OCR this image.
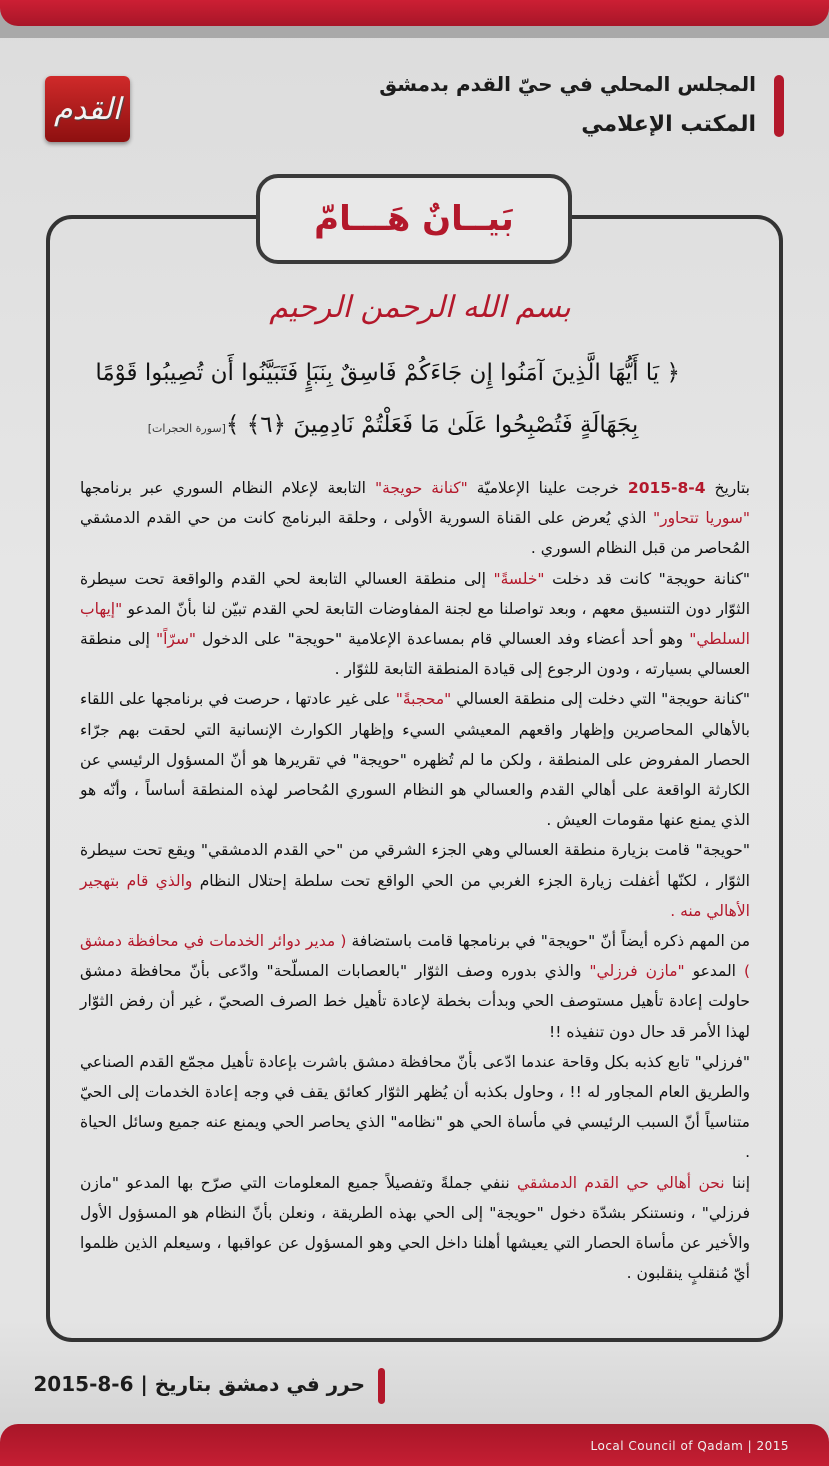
المجلس المحلي في حيّ القدم بدمشق
المكتب الإعلامي
القدم
بَيــانٌ هَـــامّ
بسم الله الرحمن الرحيم
﴿ يَا أَيُّهَا الَّذِينَ آمَنُوا إِن جَاءَكُمْ فَاسِقٌ بِنَبَإٍ فَتَبَيَّنُوا أَن تُصِيبُوا قَوْمًا
بِجَهَالَةٍ فَتُصْبِحُوا عَلَىٰ مَا فَعَلْتُمْ نَادِمِينَ ﴿٦﴾ ﴾[سورة الحجرات]

بتاريخ 4-8-2015 خرجت علينا الإعلاميّة "كنانة حويجة" التابعة لإعلام النظام السوري عبر برنامجها "سوريا تتحاور" الذي يُعرض على القناة السورية الأولى ، وحلقة البرنامج كانت من حي القدم الدمشقي المُحاصر من قبل النظام السوري .

"كنانة حويجة" كانت قد دخلت "خلسةً" إلى منطقة العسالي التابعة لحي القدم والواقعة تحت سيطرة الثوّار دون التنسيق معهم ، وبعد تواصلنا مع لجنة المفاوضات التابعة لحي القدم تبيّن لنا بأنّ المدعو "إيهاب السلطي" وهو أحد أعضاء وفد العسالي قام بمساعدة الإعلامية "حويجة" على الدخول "سرّاً" إلى منطقة العسالي بسيارته ، ودون الرجوع إلى قيادة المنطقة التابعة للثوّار .

"كنانة حويجة" التي دخلت إلى منطقة العسالي "محجبةً" على غير عادتها ، حرصت في برنامجها على اللقاء بالأهالي المحاصرين وإظهار واقعهم المعيشي السيء وإظهار الكوارث الإنسانية التي لحقت بهم جرّاء الحصار المفروض على المنطقة ، ولكن ما لم تُظهره "حويجة" في تقريرها هو أنّ المسؤول الرئيسي عن الكارثة الواقعة على أهالي القدم والعسالي هو النظام السوري المُحاصر لهذه المنطقة أساساً ، وأنّه هو الذي يمنع عنها مقومات العيش .

"حويجة" قامت بزيارة منطقة العسالي وهي الجزء الشرقي من "حي القدم الدمشقي" ويقع تحت سيطرة الثوّار ، لكنّها أغفلت زيارة الجزء الغربي من الحي الواقع تحت سلطة إحتلال النظام والذي قام بتهجير الأهالي منه .

من المهم ذكره أيضاً أنّ "حويجة" في برنامجها قامت باستضافة ( مدير دوائر الخدمات في محافظة دمشق ) المدعو "مازن فرزلي" والذي بدوره وصف الثوّار "بالعصابات المسلّحة" وادّعى بأنّ محافظة دمشق حاولت إعادة تأهيل مستوصف الحي وبدأت بخطة لإعادة تأهيل خط الصرف الصحيّ ، غير أن رفض الثوّار لهذا الأمر قد حال دون تنفيذه !!

"فرزلي" تابع كذبه بكل وقاحة عندما ادّعى بأنّ محافظة دمشق باشرت بإعادة تأهيل مجمّع القدم الصناعي والطريق العام المجاور له !! ، وحاول بكذبه أن يُظهر الثوّار كعائق يقف في وجه إعادة الخدمات إلى الحيّ متناسياً أنّ السبب الرئيسي في مأساة الحي هو "نظامه" الذي يحاصر الحي ويمنع عنه جميع وسائل الحياة .

إننا نحن أهالي حي القدم الدمشقي ننفي جملةً وتفصيلاً جميع المعلومات التي صرّح بها المدعو "مازن فرزلي" ، ونستنكر بشدّة دخول "حويجة" إلى الحي بهذه الطريقة ، ونعلن بأنّ النظام هو المسؤول الأول والأخير عن مأساة الحصار التي يعيشها أهلنا داخل الحي وهو المسؤول عن عواقبها ، وسيعلم الذين ظلموا أيّ مُنقلبٍ ينقلبون .

حرر في دمشق بتاريخ | 6-8-2015
Local Council of Qadam | 2015
